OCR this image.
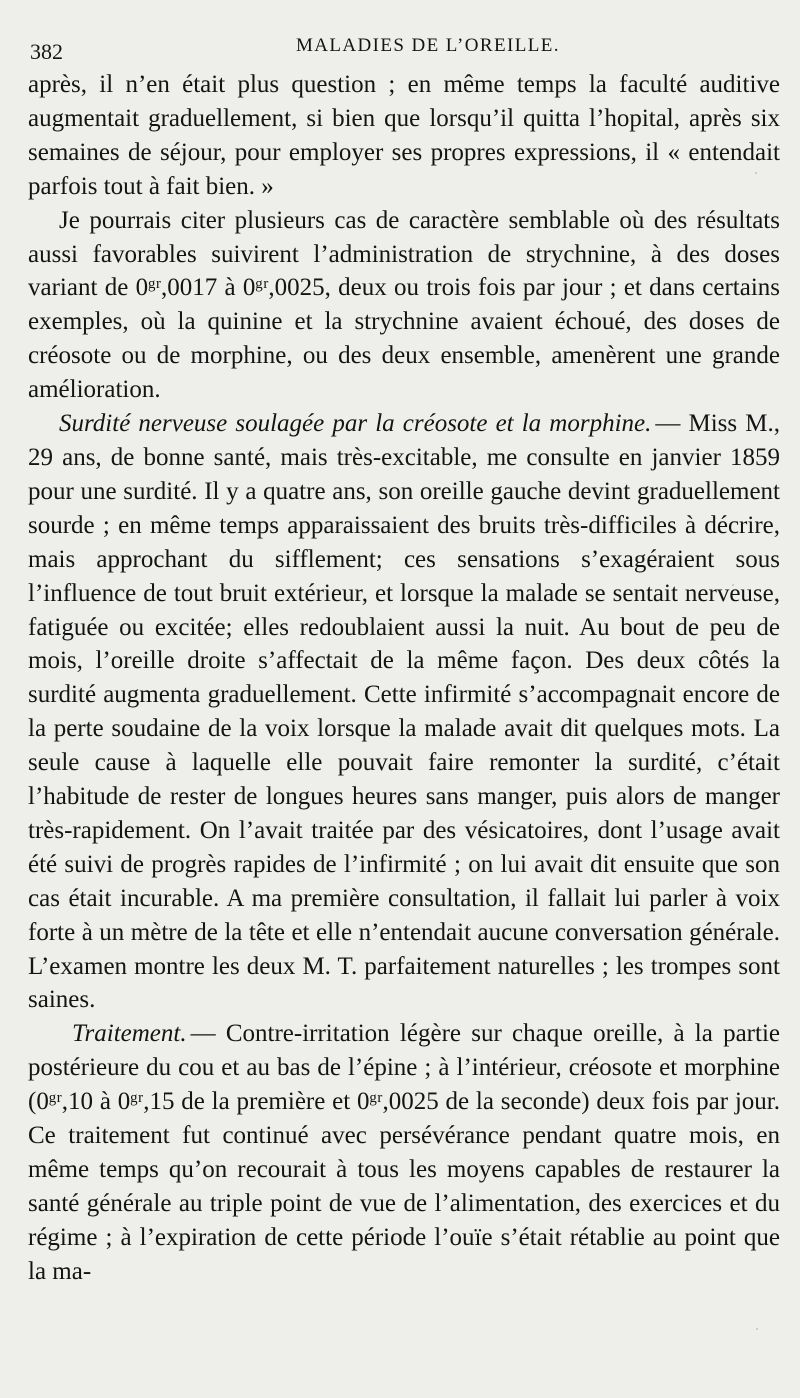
382	MALADIES DE L’OREILLE.

après, il n’en était plus question ; en même temps la faculté auditive augmentait graduellement, si bien que lorsqu’il quitta l’hopital, après six semaines de séjour, pour employer ses propres expressions, il « entendait parfois tout à fait bien. »

Je pourrais citer plusieurs cas de caractère semblable où des résultats aussi favorables suivirent l’administration de strychnine, à des doses variant de 0ᵍʳ,0017 à 0ᵍʳ,0025, deux ou trois fois par jour ; et dans certains exemples, où la quinine et la strychnine avaient échoué, des doses de créosote ou de morphine, ou des deux ensemble, amenèrent une grande amélioration.

Surdité nerveuse soulagée par la créosote et la morphine. — Miss M., 29 ans, de bonne santé, mais très-excitable, me consulte en janvier 1859 pour une surdité. Il y a quatre ans, son oreille gauche devint graduellement sourde ; en même temps apparaissaient des bruits très-difficiles à décrire, mais approchant du sifflement; ces sensations s’exagéraient sous l’influence de tout bruit extérieur, et lorsque la malade se sentait nerveuse, fatiguée ou excitée; elles redoublaient aussi la nuit. Au bout de peu de mois, l’oreille droite s’affectait de la même façon. Des deux côtés la surdité augmenta graduellement. Cette infirmité s’accompagnait encore de la perte soudaine de la voix lorsque la malade avait dit quelques mots. La seule cause à laquelle elle pouvait faire remonter la surdité, c’était l’habitude de rester de longues heures sans manger, puis alors de manger très-rapidement. On l’avait traitée par des vésicatoires, dont l’usage avait été suivi de progrès rapides de l’infirmité ; on lui avait dit ensuite que son cas était incurable. A ma première consultation, il fallait lui parler à voix forte à un mètre de la tête et elle n’entendait aucune conversation générale. L’examen montre les deux M. T. parfaitement naturelles ; les trompes sont saines.

Traitement. — Contre-irritation légère sur chaque oreille, à la partie postérieure du cou et au bas de l’épine ; à l’intérieur, créosote et morphine (0ᵍʳ,10 à 0ᵍʳ,15 de la première et 0ᵍʳ,0025 de la seconde) deux fois par jour. Ce traitement fut continué avec persévérance pendant quatre mois, en même temps qu’on recourait à tous les moyens capables de restaurer la santé générale au triple point de vue de l’alimentation, des exercices et du régime ; à l’expiration de cette période l’ouïe s’était rétablie au point que la ma-
